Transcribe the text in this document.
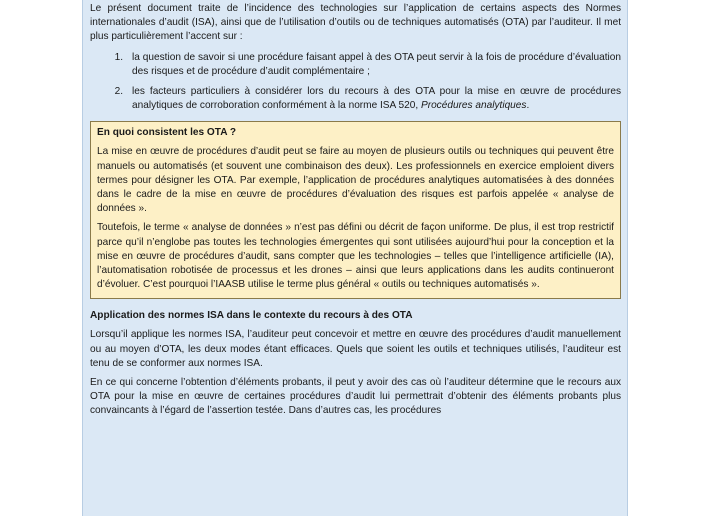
Le présent document traite de l’incidence des technologies sur l’application de certains aspects des Normes internationales d’audit (ISA), ainsi que de l’utilisation d’outils ou de techniques automatisés (OTA) par l’auditeur. Il met plus particulièrement l’accent sur :

1. la question de savoir si une procédure faisant appel à des OTA peut servir à la fois de procédure d’évaluation des risques et de procédure d’audit complémentaire ;
2. les facteurs particuliers à considérer lors du recours à des OTA pour la mise en œuvre de procédures analytiques de corroboration conformément à la norme ISA 520, Procédures analytiques.
En quoi consistent les OTA ?

La mise en œuvre de procédures d’audit peut se faire au moyen de plusieurs outils ou techniques qui peuvent être manuels ou automatisés (et souvent une combinaison des deux). Les professionnels en exercice emploient divers termes pour désigner les OTA. Par exemple, l’application de procédures analytiques automatisées à des données dans le cadre de la mise en œuvre de procédures d’évaluation des risques est parfois appelée « analyse de données ».

Toutefois, le terme « analyse de données » n’est pas défini ou décrit de façon uniforme. De plus, il est trop restrictif parce qu’il n’englobe pas toutes les technologies émergentes qui sont utilisées aujourd’hui pour la conception et la mise en œuvre de procédures d’audit, sans compter que les technologies – telles que l’intelligence artificielle (IA), l’automatisation robotisée de processus et les drones – ainsi que leurs applications dans les audits continueront d’évoluer. C’est pourquoi l’IAASB utilise le terme plus général « outils ou techniques automatisés ».

Application des normes ISA dans le contexte du recours à des OTA

Lorsqu’il applique les normes ISA, l’auditeur peut concevoir et mettre en œuvre des procédures d’audit manuellement ou au moyen d’OTA, les deux modes étant efficaces. Quels que soient les outils et techniques utilisés, l’auditeur est tenu de se conformer aux normes ISA.

En ce qui concerne l’obtention d’éléments probants, il peut y avoir des cas où l’auditeur détermine que le recours aux OTA pour la mise en œuvre de certaines procédures d’audit lui permettrait d’obtenir des éléments probants plus convaincants à l’égard de l’assertion testée. Dans d’autres cas, les procédures
